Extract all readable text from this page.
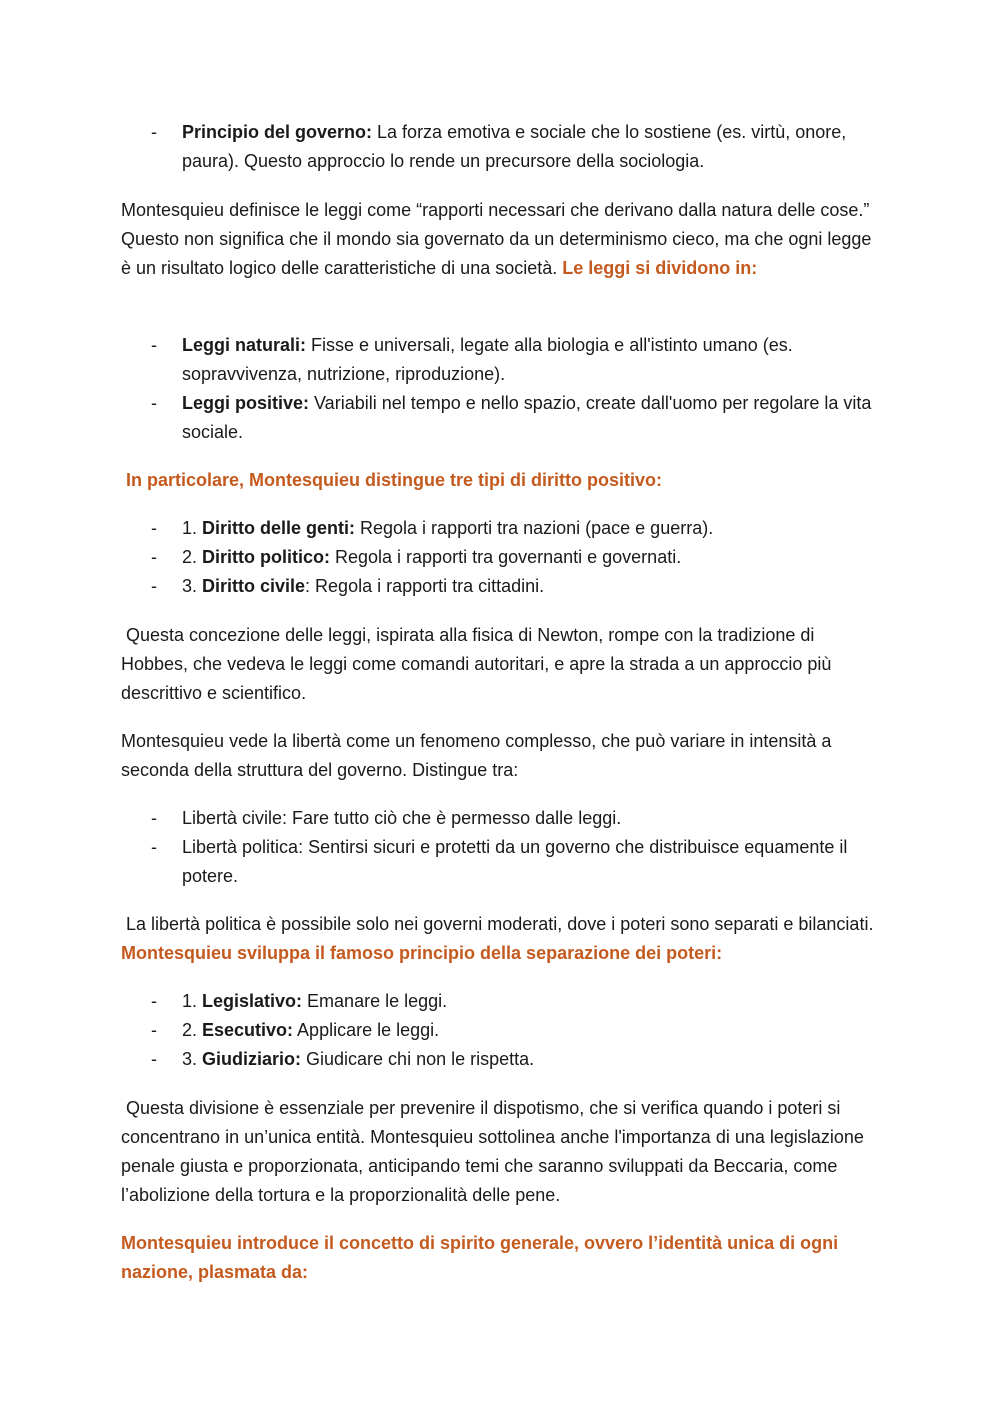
- Principio del governo: La forza emotiva e sociale che lo sostiene (es. virtù, onore, paura). Questo approccio lo rende un precursore della sociologia.

Montesquieu definisce le leggi come “rapporti necessari che derivano dalla natura delle cose.” Questo non significa che il mondo sia governato da un determinismo cieco, ma che ogni legge è un risultato logico delle caratteristiche di una società. Le leggi si dividono in:

- Leggi naturali: Fisse e universali, legate alla biologia e all'istinto umano (es. sopravvivenza, nutrizione, riproduzione).
- Leggi positive: Variabili nel tempo e nello spazio, create dall'uomo per regolare la vita sociale.

In particolare, Montesquieu distingue tre tipi di diritto positivo:

- 1. Diritto delle genti: Regola i rapporti tra nazioni (pace e guerra).
- 2. Diritto politico: Regola i rapporti tra governanti e governati.
- 3. Diritto civile: Regola i rapporti tra cittadini.

Questa concezione delle leggi, ispirata alla fisica di Newton, rompe con la tradizione di Hobbes, che vedeva le leggi come comandi autoritari, e apre la strada a un approccio più descrittivo e scientifico.

Montesquieu vede la libertà come un fenomeno complesso, che può variare in intensità a seconda della struttura del governo. Distingue tra:

- Libertà civile: Fare tutto ciò che è permesso dalle leggi.
- Libertà politica: Sentirsi sicuri e protetti da un governo che distribuisce equamente il potere.

La libertà politica è possibile solo nei governi moderati, dove i poteri sono separati e bilanciati. Montesquieu sviluppa il famoso principio della separazione dei poteri:

- 1. Legislativo: Emanare le leggi.
- 2. Esecutivo: Applicare le leggi.
- 3. Giudiziario: Giudicare chi non le rispetta.

Questa divisione è essenziale per prevenire il dispotismo, che si verifica quando i poteri si concentrano in un’unica entità. Montesquieu sottolinea anche l'importanza di una legislazione penale giusta e proporzionata, anticipando temi che saranno sviluppati da Beccaria, come l’abolizione della tortura e la proporzionalità delle pene.

Montesquieu introduce il concetto di spirito generale, ovvero l’identità unica di ogni nazione, plasmata da:
